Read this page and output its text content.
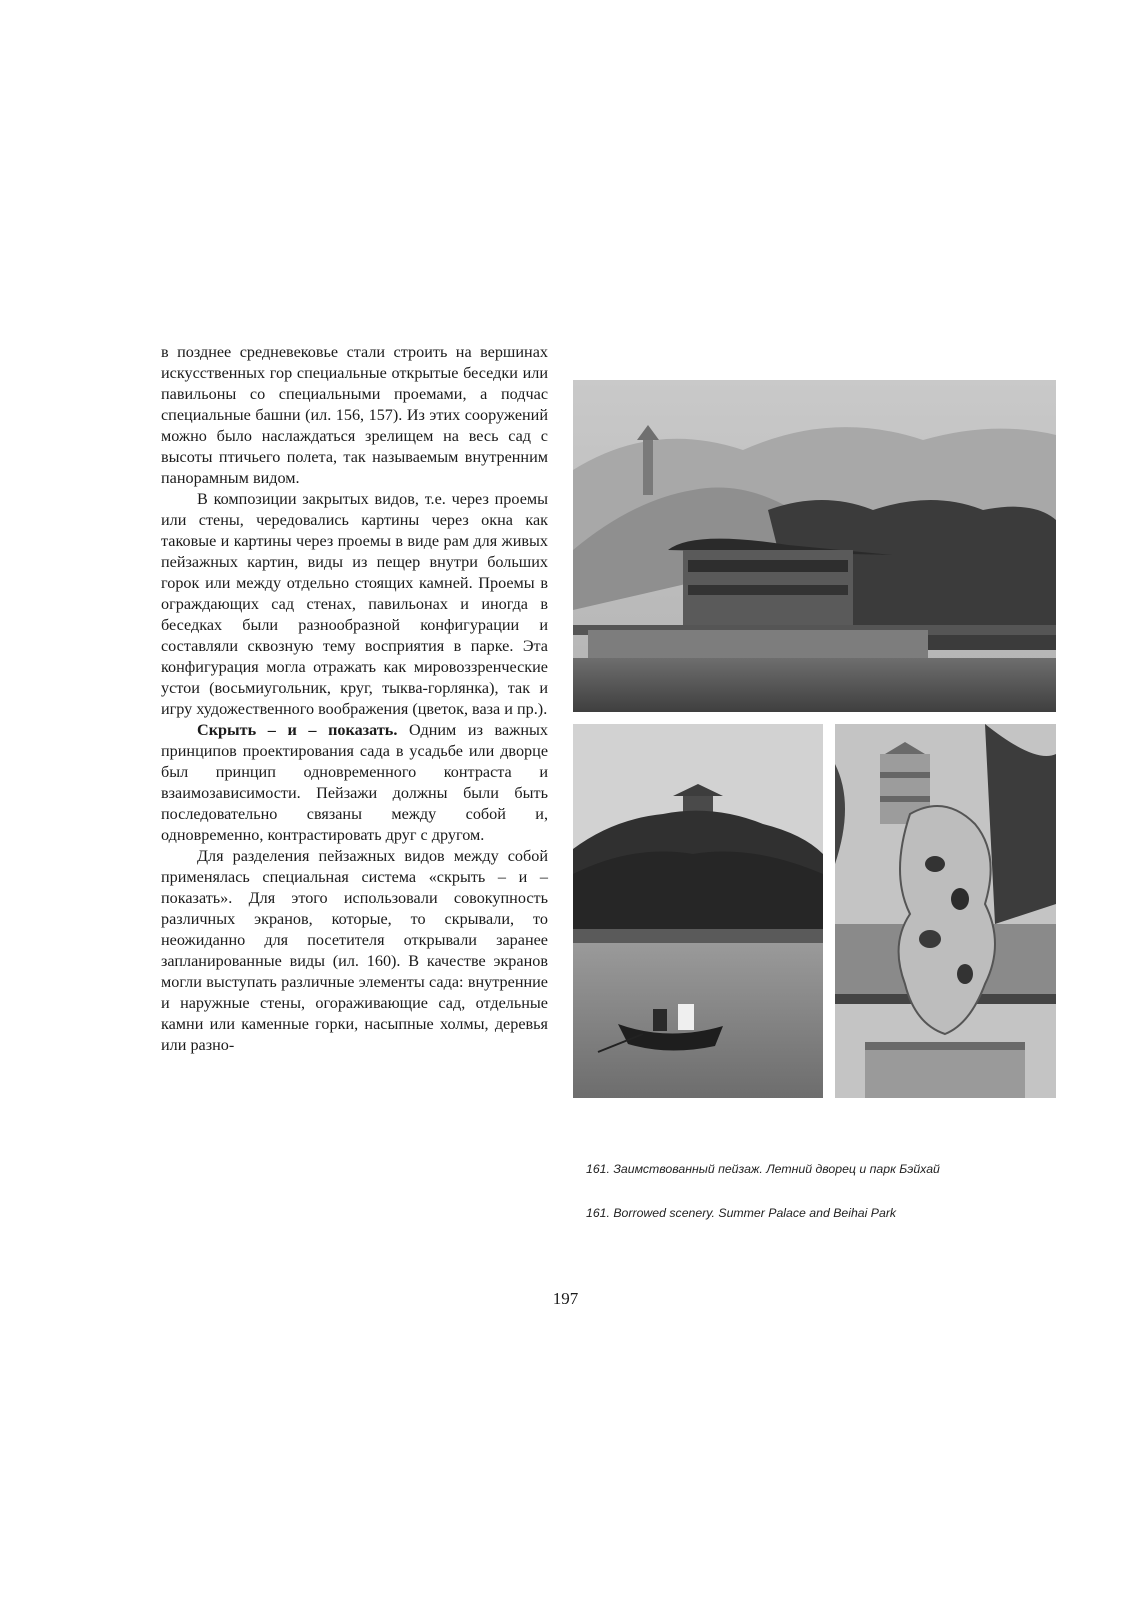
в позднее средневековье стали строить на вершинах искусственных гор специальные открытые беседки или павильоны со специальными проемами, а подчас специальные башни (ил. 156, 157). Из этих сооружений можно было наслаждаться зрелищем на весь сад с высоты птичьего полета, так называемым внутренним панорамным видом.

В композиции закрытых видов, т.е. через проемы или стены, чередовались картины через окна как таковые и картины через проемы в виде рам для живых пейзажных картин, виды из пещер внутри больших горок или между отдельно стоящих камней. Проемы в ограждающих сад стенах, павильонах и иногда в беседках были разнообразной конфигурации и составляли сквозную тему восприятия в парке. Эта конфигурация могла отражать как мировоззренческие устои (восьмиугольник, круг, тыква-горлянка), так и игру художественного воображения (цветок, ваза и пр.).

Скрыть – и – показать. Одним из важных принципов проектирования сада в усадьбе или дворце был принцип одновременного контраста и взаимозависимости. Пейзажи должны были быть последовательно связаны между собой и, одновременно, контрастировать друг с другом.

Для разделения пейзажных видов между собой применялась специальная система «скрыть – и – показать». Для этого использовали совокупность различных экранов, которые, то скрывали, то неожиданно для посетителя открывали заранее запланированные виды (ил. 160). В качестве экранов могли выступать различные элементы сада: внутренние и наружные стены, огораживающие сад, отдельные камни или каменные горки, насыпные холмы, деревья или разно-

161. Заимствованный пейзаж. Летний дворец и парк Бэйхай
161. Borrowed scenery. Summer Palace and Beihai Park
197
